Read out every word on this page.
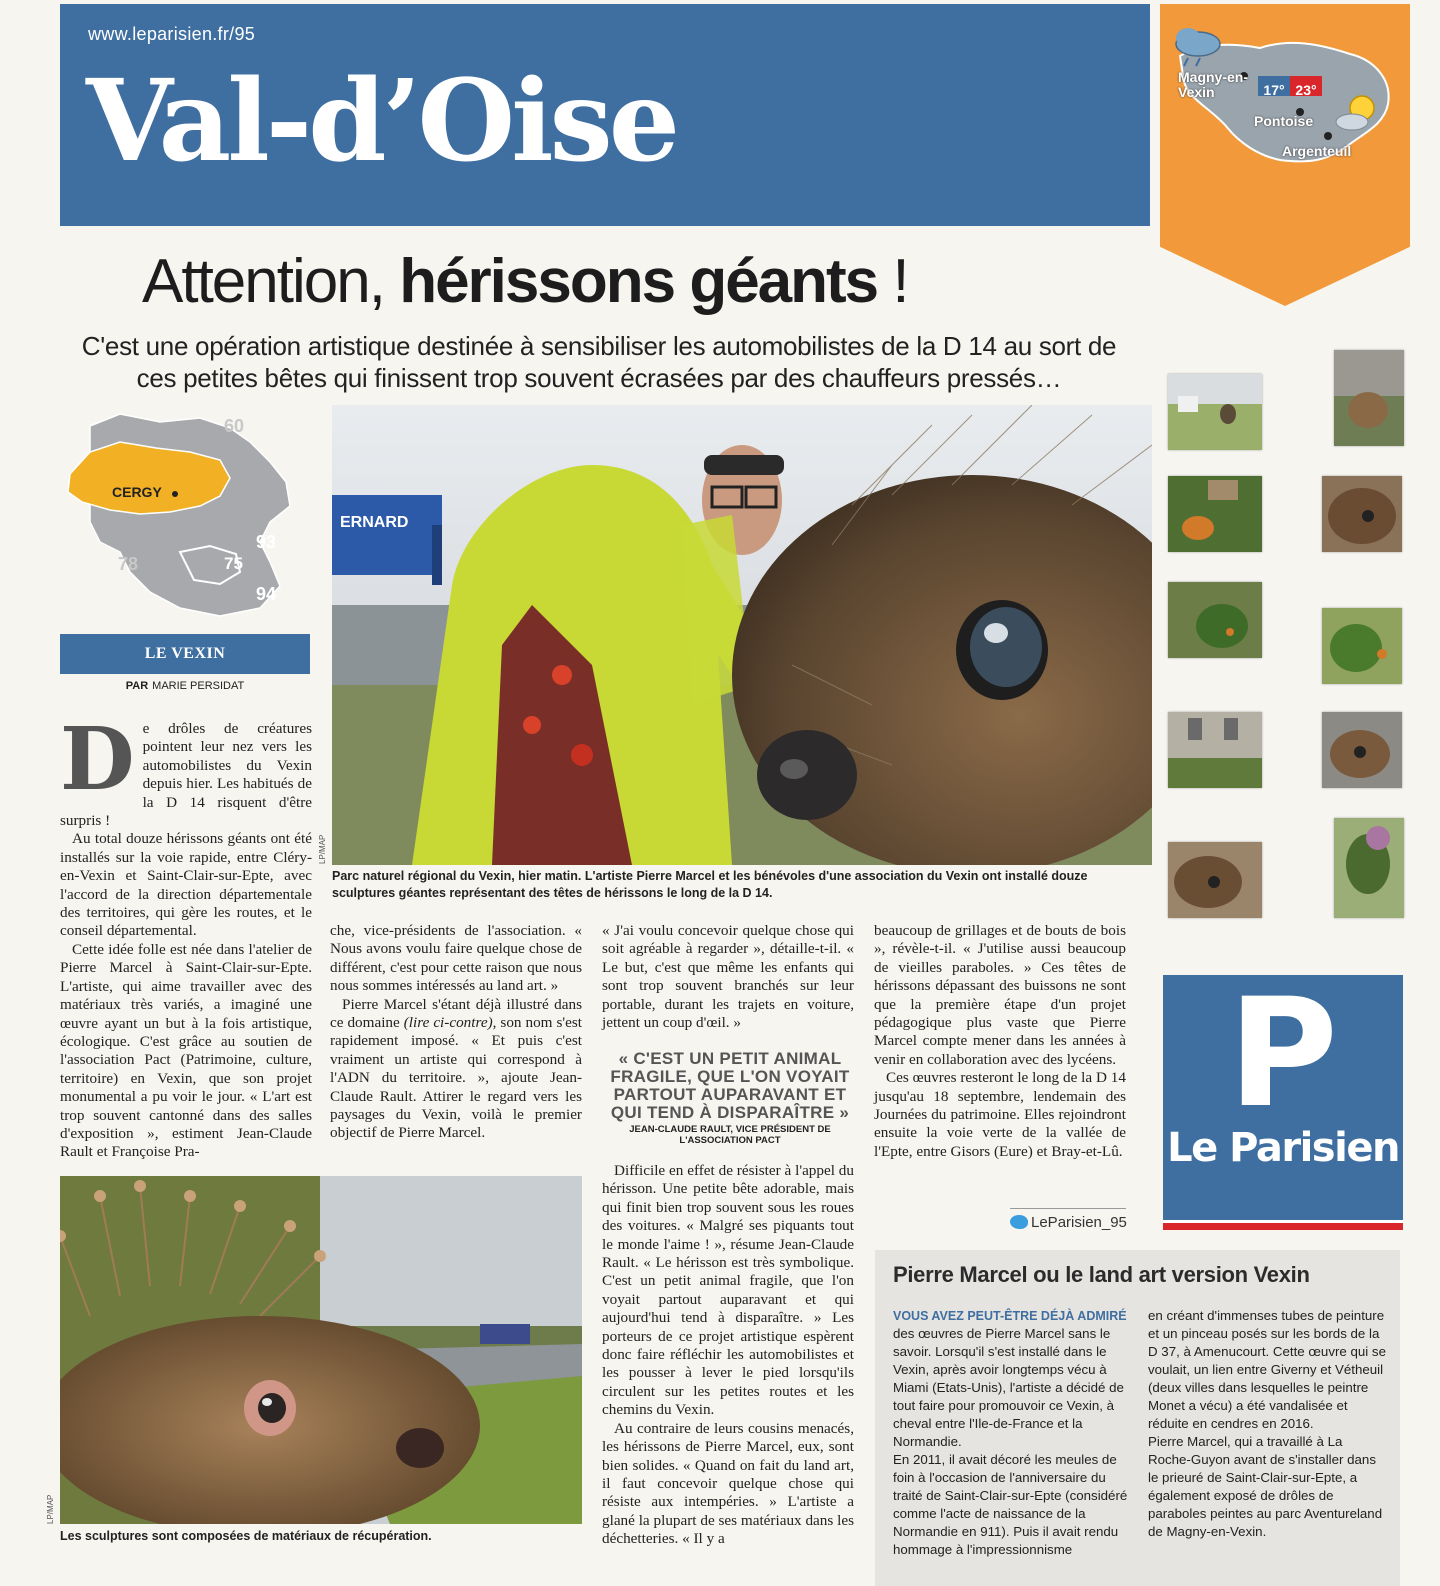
www.leparisien.fr/95
Val-d’Oise	Magny-en-Vexin	17° 23°
Pontoise
Argenteuil
Attention, hérissons géants !
C'est une opération artistique destinée à sensibiliser les automobilistes de la D 14 au sort de ces petites bêtes qui finissent trop souvent écrasées par des chauffeurs pressés…
60
CERGY
78
93
75
94
LE VEXIN
PAR MARIE PERSIDAT

De drôles de créatures pointent leur nez vers les automobilistes du Vexin depuis hier. Les habitués de la D 14 risquent d'être surpris !

Au total douze hérissons géants ont été installés sur la voie rapide, entre Cléry-en-Vexin et Saint-Clair-sur-Epte, avec l'accord de la direction départementale des territoires, qui gère les routes, et le conseil départemental.

Cette idée folle est née dans l'atelier de Pierre Marcel à Saint-Clair-sur-Epte. L'artiste, qui aime travailler avec des matériaux très variés, a imaginé une œuvre ayant un but à la fois artistique, écologique. C'est grâce au soutien de l'association Pact (Patrimoine, culture, territoire) en Vexin, que son projet monumental a pu voir le jour. « L'art est trop souvent cantonné dans des salles d'exposition », estiment Jean-Claude Rault et Françoise Pra-

ERNARD
LP/MAP
Parc naturel régional du Vexin, hier matin. L'artiste Pierre Marcel et les bénévoles d'une association du Vexin ont installé douze sculptures géantes représentant des têtes de hérissons le long de la D 14.

che, vice-présidents de l'association. « Nous avons voulu faire quelque chose de différent, c'est pour cette raison que nous nous sommes intéressés au land art. »

Pierre Marcel s'étant déjà illustré dans ce domaine (lire ci-contre), son nom s'est rapidement imposé. « Et puis c'est vraiment un artiste qui correspond à l'ADN du territoire. », ajoute Jean-Claude Rault. Attirer le regard vers les paysages du Vexin, voilà le premier objectif de Pierre Marcel.

« J'ai voulu concevoir quelque chose qui soit agréable à regarder », détaille-t-il. « Le but, c'est que même les enfants qui sont trop souvent branchés sur leur portable, durant les trajets en voiture, jettent un coup d'œil. »

« C'EST UN PETIT ANIMAL FRAGILE, QUE L'ON VOYAIT PARTOUT AUPARAVANT ET QUI TEND À DISPARAÎTRE »
JEAN-CLAUDE RAULT, VICE PRÉSIDENT DE L'ASSOCIATION PACT

Difficile en effet de résister à l'appel du hérisson. Une petite bête adorable, mais qui finit bien trop souvent sous les roues des voitures. « Malgré ses piquants tout le monde l'aime ! », résume Jean-Claude Rault. « Le hérisson est très symbolique. C'est un petit animal fragile, que l'on voyait partout auparavant et qui aujourd'hui tend à disparaître. » Les porteurs de ce projet artistique espèrent donc faire réfléchir les automobilistes et les pousser à lever le pied lorsqu'ils circulent sur les petites routes et les chemins du Vexin.

Au contraire de leurs cousins menacés, les hérissons de Pierre Marcel, eux, sont bien solides. « Quand on fait du land art, il faut concevoir quelque chose qui résiste aux intempéries. » L'artiste a glané la plupart de ses matériaux dans les déchetteries. « Il y a

beaucoup de grillages et de bouts de bois », révèle-t-il. « J'utilise aussi beaucoup de vieilles paraboles. » Ces têtes de hérissons dépassant des buissons ne sont que la première étape d'un projet pédagogique plus vaste que Pierre Marcel compte mener dans les années à venir en collaboration avec des lycéens.

Ces œuvres resteront le long de la D 14 jusqu'au 18 septembre, lendemain des Journées du patrimoine. Elles rejoindront ensuite la voie verte de la vallée de l'Epte, entre Gisors (Eure) et Bray-et-Lû.

LeParisien_95
LP/MAP
Les sculptures sont composées de matériaux de récupération.
P
Le Parisien
Pierre Marcel ou le land art version Vexin
VOUS AVEZ PEUT-ÊTRE DÉJÀ ADMIRÉ des œuvres de Pierre Marcel sans le savoir. Lorsqu'il s'est installé dans le Vexin, après avoir longtemps vécu à Miami (Etats-Unis), l'artiste a décidé de tout faire pour promouvoir ce Vexin, à cheval entre l'Ile-de-France et la Normandie.
En 2011, il avait décoré les meules de foin à l'occasion de l'anniversaire du traité de Saint-Clair-sur-Epte (considéré comme l'acte de naissance de la Normandie en 911). Puis il avait rendu hommage à l'impressionnisme
en créant d'immenses tubes de peinture et un pinceau posés sur les bords de la D 37, à Amenucourt. Cette œuvre qui se voulait, un lien entre Giverny et Vétheuil (deux villes dans lesquelles le peintre Monet a vécu) a été vandalisée et réduite en cendres en 2016.
Pierre Marcel, qui a travaillé à La Roche-Guyon avant de s'installer dans le prieuré de Saint-Clair-sur-Epte, a également exposé de drôles de paraboles peintes au parc Aventureland de Magny-en-Vexin.
